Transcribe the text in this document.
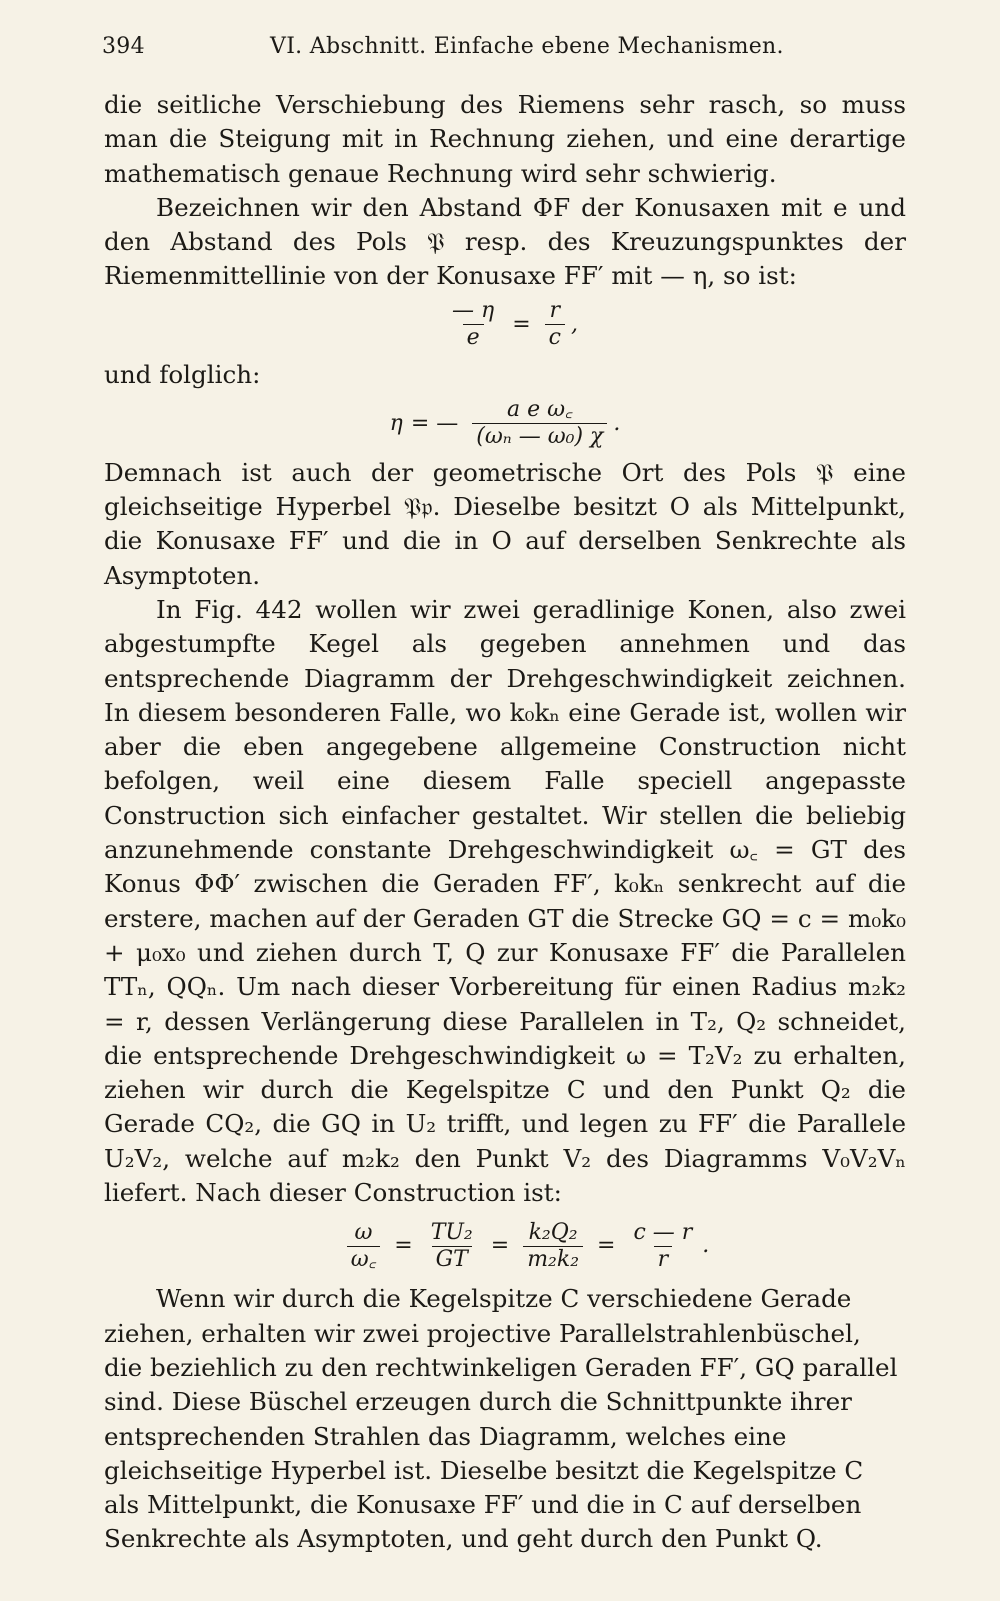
394	VI. Abschnitt. Einfache ebene Mechanismen.

die seitliche Verschiebung des Riemens sehr rasch, so muss man die Steigung mit in Rechnung ziehen, und eine derartige mathematisch genaue Rechnung wird sehr schwierig.

Bezeichnen wir den Abstand ΦF der Konusaxen mit e und den Abstand des Pols 𝔓 resp. des Kreuzungspunktes der Riemenmittellinie von der Konusaxe FF′ mit — η, so ist:

$\frac{— \eta}{e} = \frac{r}{c}$ ,

und folglich:

η = — $\frac{\text{a e ω꜀}}{\text{(ωₙ — ω₀) χ}}$ .

Demnach ist auch der geometrische Ort des Pols 𝔓 eine gleichseitige Hyperbel 𝔓𝔭. Dieselbe besitzt O als Mittelpunkt, die Konusaxe FF′ und die in O auf derselben Senkrechte als Asymptoten.

In Fig. 442 wollen wir zwei geradlinige Konen, also zwei abgestumpfte Kegel als gegeben annehmen und das entsprechende Diagramm der Drehgeschwindigkeit zeichnen. In diesem besonderen Falle, wo k₀kₙ eine Gerade ist, wollen wir aber die eben angegebene allgemeine Construction nicht befolgen, weil eine diesem Falle speciell angepasste Construction sich einfacher gestaltet. Wir stellen die beliebig anzunehmende constante Drehgeschwindigkeit ω꜀ = GT des Konus ΦΦ′ zwischen die Geraden FF′, k₀kₙ senkrecht auf die erstere, machen auf der Geraden GT die Strecke GQ = c = m₀k₀ + μ₀x₀ und ziehen durch T, Q zur Konusaxe FF′ die Parallelen TTₙ, QQₙ. Um nach dieser Vorbereitung für einen Radius m₂k₂ = r, dessen Verlängerung diese Parallelen in T₂, Q₂ schneidet, die entsprechende Drehgeschwindigkeit ω = T₂V₂ zu erhalten, ziehen wir durch die Kegelspitze C und den Punkt Q₂ die Gerade CQ₂, die GQ in U₂ trifft, und legen zu FF′ die Parallele U₂V₂, welche auf m₂k₂ den Punkt V₂ des Diagramms V₀V₂Vₙ liefert. Nach dieser Construction ist:

$\frac{\omega}{\omega꜀} = \frac{\text{TU₂}}{GT} = \frac{\text{k₂Q₂}}{\text{m₂k₂}} = \frac{c — r}{r}$ .

Wenn wir durch die Kegelspitze C verschiedene Gerade ziehen, erhalten wir zwei projective Parallelstrahlenbüschel, die beziehlich zu den rechtwinkeligen Geraden FF′, GQ parallel sind. Diese Büschel erzeugen durch die Schnittpunkte ihrer entsprechenden Strahlen das Diagramm, welches eine gleichseitige Hyperbel ist. Dieselbe besitzt die Kegelspitze C als Mittelpunkt, die Konusaxe FF′ und die in C auf derselben Senkrechte als Asymptoten, und geht durch den Punkt Q.
